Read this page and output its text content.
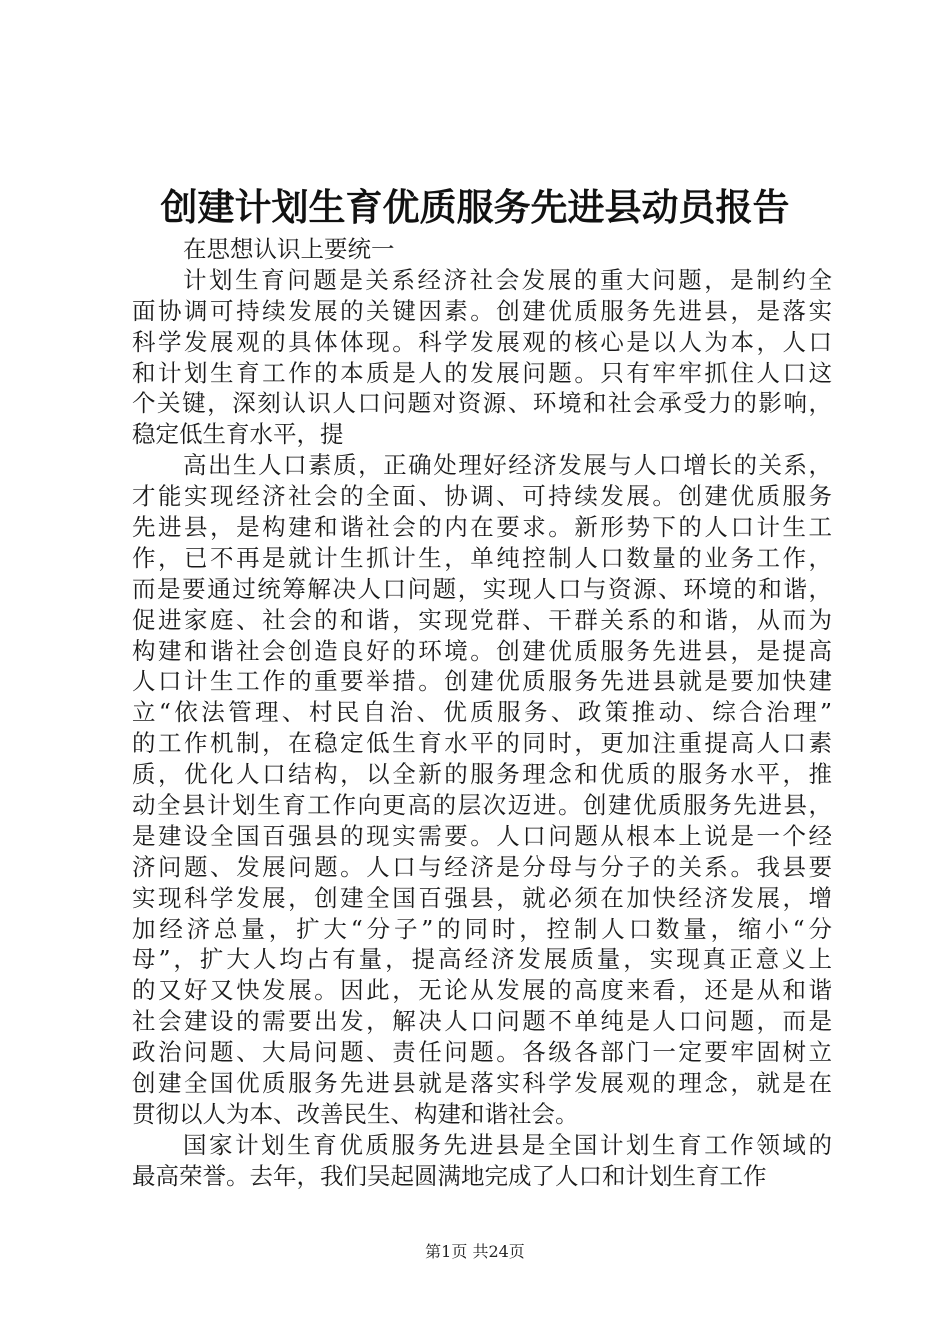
创建计划生育优质服务先进县动员报告
在思想认识上要统一
计划生育问题是关系经济社会发展的重大问题，是制约全
面协调可持续发展的关键因素。创建优质服务先进县，是落实
科学发展观的具体体现。科学发展观的核心是以人为本，人口
和计划生育工作的本质是人的发展问题。只有牢牢抓住人口这
个关键，深刻认识人口问题对资源、环境和社会承受力的影响，
稳定低生育水平，提
高出生人口素质，正确处理好经济发展与人口增长的关系，
才能实现经济社会的全面、协调、可持续发展。创建优质服务
先进县，是构建和谐社会的内在要求。新形势下的人口计生工
作，已不再是就计生抓计生，单纯控制人口数量的业务工作，
而是要通过统筹解决人口问题，实现人口与资源、环境的和谐，
促进家庭、社会的和谐，实现党群、干群关系的和谐，从而为
构建和谐社会创造良好的环境。创建优质服务先进县，是提高
人口计生工作的重要举措。创建优质服务先进县就是要加快建
立“依法管理、村民自治、优质服务、政策推动、综合治理”
的工作机制，在稳定低生育水平的同时，更加注重提高人口素
质，优化人口结构，以全新的服务理念和优质的服务水平，推
动全县计划生育工作向更高的层次迈进。创建优质服务先进县，
是建设全国百强县的现实需要。人口问题从根本上说是一个经
济问题、发展问题。人口与经济是分母与分子的关系。我县要
实现科学发展，创建全国百强县，就必须在加快经济发展，增
加经济总量，扩大“分子”的同时，控制人口数量，缩小“分
母”，扩大人均占有量，提高经济发展质量，实现真正意义上
的又好又快发展。因此，无论从发展的高度来看，还是从和谐
社会建设的需要出发，解决人口问题不单纯是人口问题，而是
政治问题、大局问题、责任问题。各级各部门一定要牢固树立
创建全国优质服务先进县就是落实科学发展观的理念，就是在
贯彻以人为本、改善民生、构建和谐社会。
国家计划生育优质服务先进县是全国计划生育工作领域的
最高荣誉。去年，我们吴起圆满地完成了人口和计划生育工作
第1页 共24页
